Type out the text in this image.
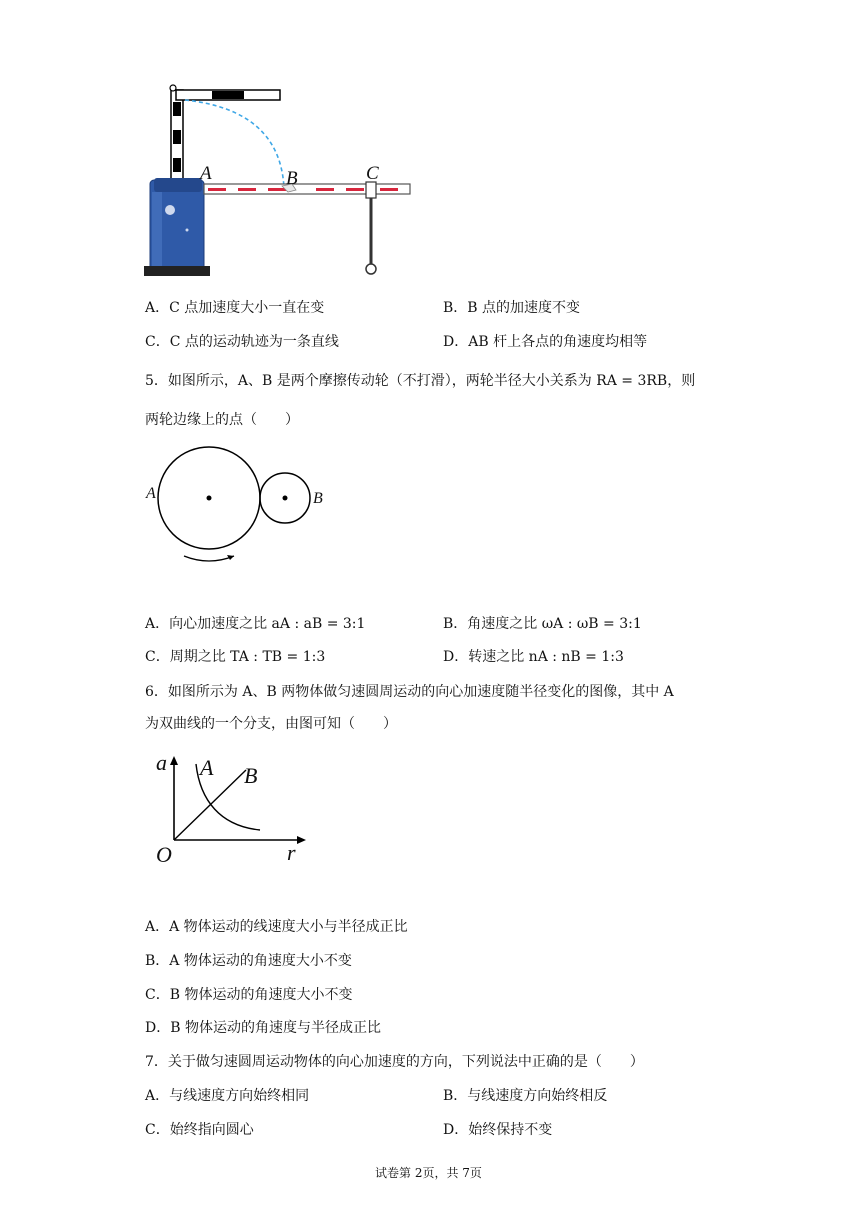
A	B	C
A．C 点加速度大小一直在变	B．B 点的加速度不变
C．C 点的运动轨迹为一条直线	D．AB 杆上各点的角速度均相等
5．如图所示，A、B 是两个摩擦传动轮（不打滑），两轮半径大小关系为 RA = 3RB，则
两轮边缘上的点（　　）
A	B
A．向心加速度之比 aA : aB = 3:1	B．角速度之比 ωA : ωB = 3:1
C．周期之比 TA : TB = 1:3	D．转速之比 nA : nB = 1:3
6．如图所示为 A、B 两物体做匀速圆周运动的向心加速度随半径变化的图像，其中 A
为双曲线的一个分支，由图可知（　　）
a A B
O	r
A．A 物体运动的线速度大小与半径成正比
B．A 物体运动的角速度大小不变
C．B 物体运动的角速度大小不变
D．B 物体运动的角速度与半径成正比
7．关于做匀速圆周运动物体的向心加速度的方向，下列说法中正确的是（　　）
A．与线速度方向始终相同	B．与线速度方向始终相反
C．始终指向圆心	D．始终保持不变
试卷第 2页，共 7页
